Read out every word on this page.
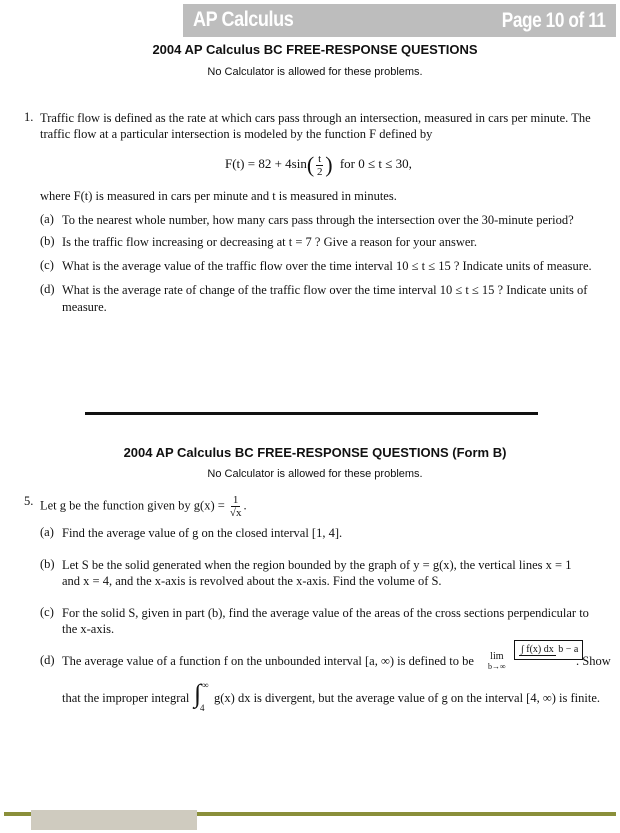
AP Calculus	Page 10 of 11
2004 AP Calculus BC FREE-RESPONSE QUESTIONS
No Calculator is allowed for these problems.
1. Traffic flow is defined as the rate at which cars pass through an intersection, measured in cars per minute. The
traffic flow at a particular intersection is modeled by the function F defined by
$F(t) = 82 + 4\sin( \frac{t}{2}$ ) for 0 ≤ t ≤ 30,
where F(t) is measured in cars per minute and t is measured in minutes.
(a) To the nearest whole number, how many cars pass through the intersection over the 30-minute period?
(b) Is the traffic flow increasing or decreasing at t = 7 ? Give a reason for your answer.
(c) What is the average value of the traffic flow over the time interval 10 ≤ t ≤ 15 ? Indicate units of measure.
(d) What is the average rate of change of the traffic flow over the time interval 10 ≤ t ≤ 15 ? Indicate units of
measure.
2004 AP Calculus BC FREE-RESPONSE QUESTIONS (Form B)
No Calculator is allowed for these problems.
5. Let g be the function given by $g(x) = \frac{1}{√x}$ .
(a) Find the average value of g on the closed interval [1, 4].
(b) Let S be the solid generated when the region bounded by the graph of y = g(x), the vertical lines x = 1
and x = 4, and the x-axis is revolved about the x-axis. Find the volume of S.
(c) For the solid S, given in part (b), find the average value of the areas of the cross sections perpendicular to
the x-axis.
(d) The average value of a function f on the unbounded interval [a, ∞) is defined to be	lim
b→∞
∫ f(x) dx b − a
. Show
that the improper integral ∫ ∞
4
g(x) dx is divergent, but the average value of g on the interval [4, ∞) is finite.
